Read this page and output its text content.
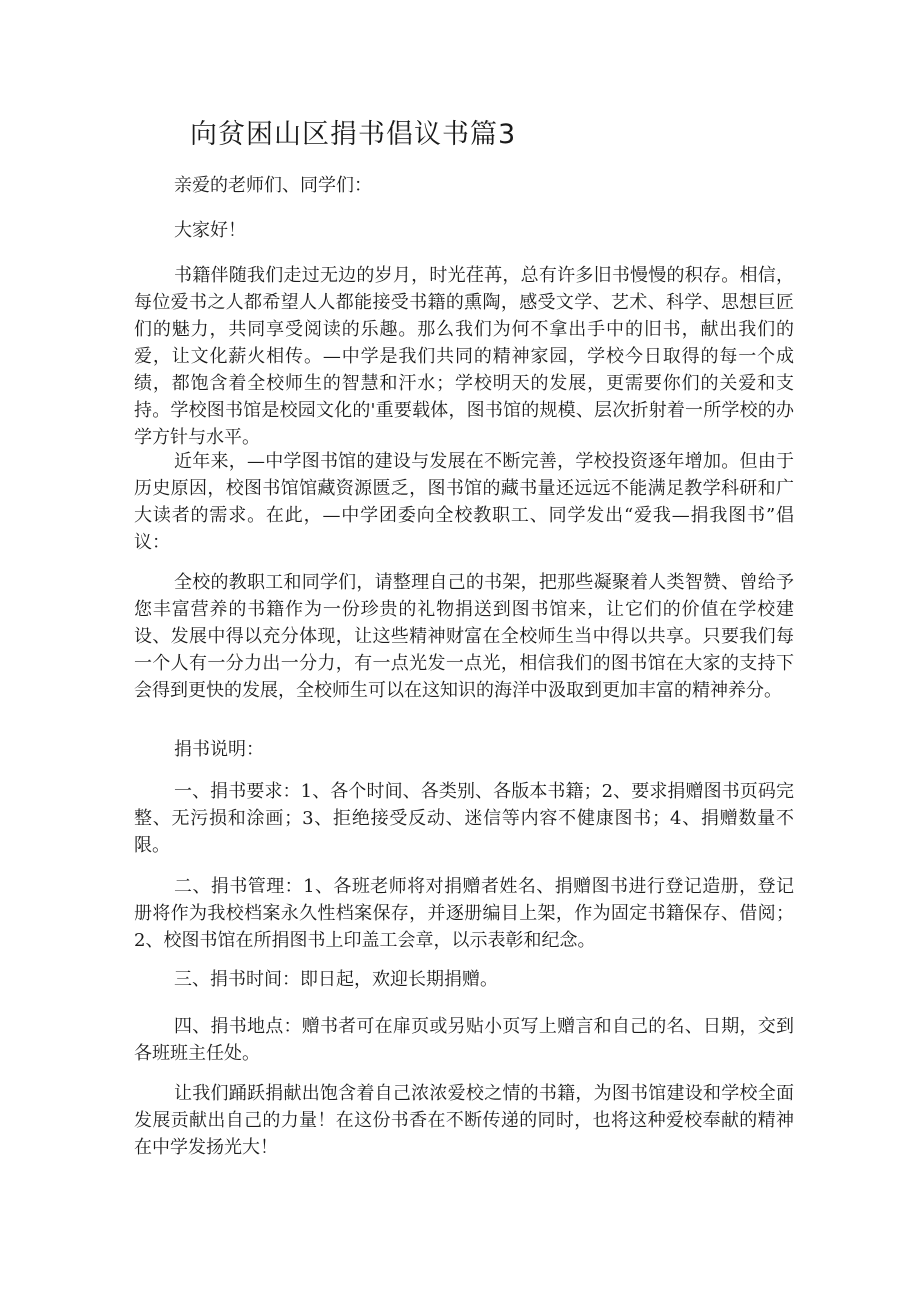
向贫困山区捐书倡议书篇3

亲爱的老师们、同学们：

大家好！

书籍伴随我们走过无边的岁月，时光荏苒，总有许多旧书慢慢的积存。相信，每位爱书之人都希望人人都能接受书籍的熏陶，感受文学、艺术、科学、思想巨匠们的魅力，共同享受阅读的乐趣。那么我们为何不拿出手中的旧书，献出我们的爱，让文化薪火相传。—中学是我们共同的精神家园，学校今日取得的每一个成绩，都饱含着全校师生的智慧和汗水；学校明天的发展，更需要你们的关爱和支持。学校图书馆是校园文化的'重要载体，图书馆的规模、层次折射着一所学校的办学方针与水平。

近年来，—中学图书馆的建设与发展在不断完善，学校投资逐年增加。但由于历史原因，校图书馆馆藏资源匮乏，图书馆的藏书量还远远不能满足教学科研和广大读者的需求。在此，—中学团委向全校教职工、同学发出“爱我—捐我图书”倡议：

全校的教职工和同学们，请整理自己的书架，把那些凝聚着人类智赞、曾给予您丰富营养的书籍作为一份珍贵的礼物捐送到图书馆来，让它们的价值在学校建设、发展中得以充分体现，让这些精神财富在全校师生当中得以共享。只要我们每一个人有一分力出一分力，有一点光发一点光，相信我们的图书馆在大家的支持下会得到更快的发展，全校师生可以在这知识的海洋中汲取到更加丰富的精神养分。

捐书说明：

一、捐书要求：1、各个时间、各类别、各版本书籍；2、要求捐赠图书页码完整、无污损和涂画；3、拒绝接受反动、迷信等内容不健康图书；4、捐赠数量不限。

二、捐书管理：1、各班老师将对捐赠者姓名、捐赠图书进行登记造册，登记册将作为我校档案永久性档案保存，并逐册编目上架，作为固定书籍保存、借阅；2、校图书馆在所捐图书上印盖工会章，以示表彰和纪念。

三、捐书时间：即日起，欢迎长期捐赠。

四、捐书地点：赠书者可在扉页或另贴小页写上赠言和自己的名、日期，交到各班班主任处。

让我们踊跃捐献出饱含着自己浓浓爱校之情的书籍，为图书馆建设和学校全面发展贡献出自己的力量！在这份书香在不断传递的同时，也将这种爱校奉献的精神在中学发扬光大！
